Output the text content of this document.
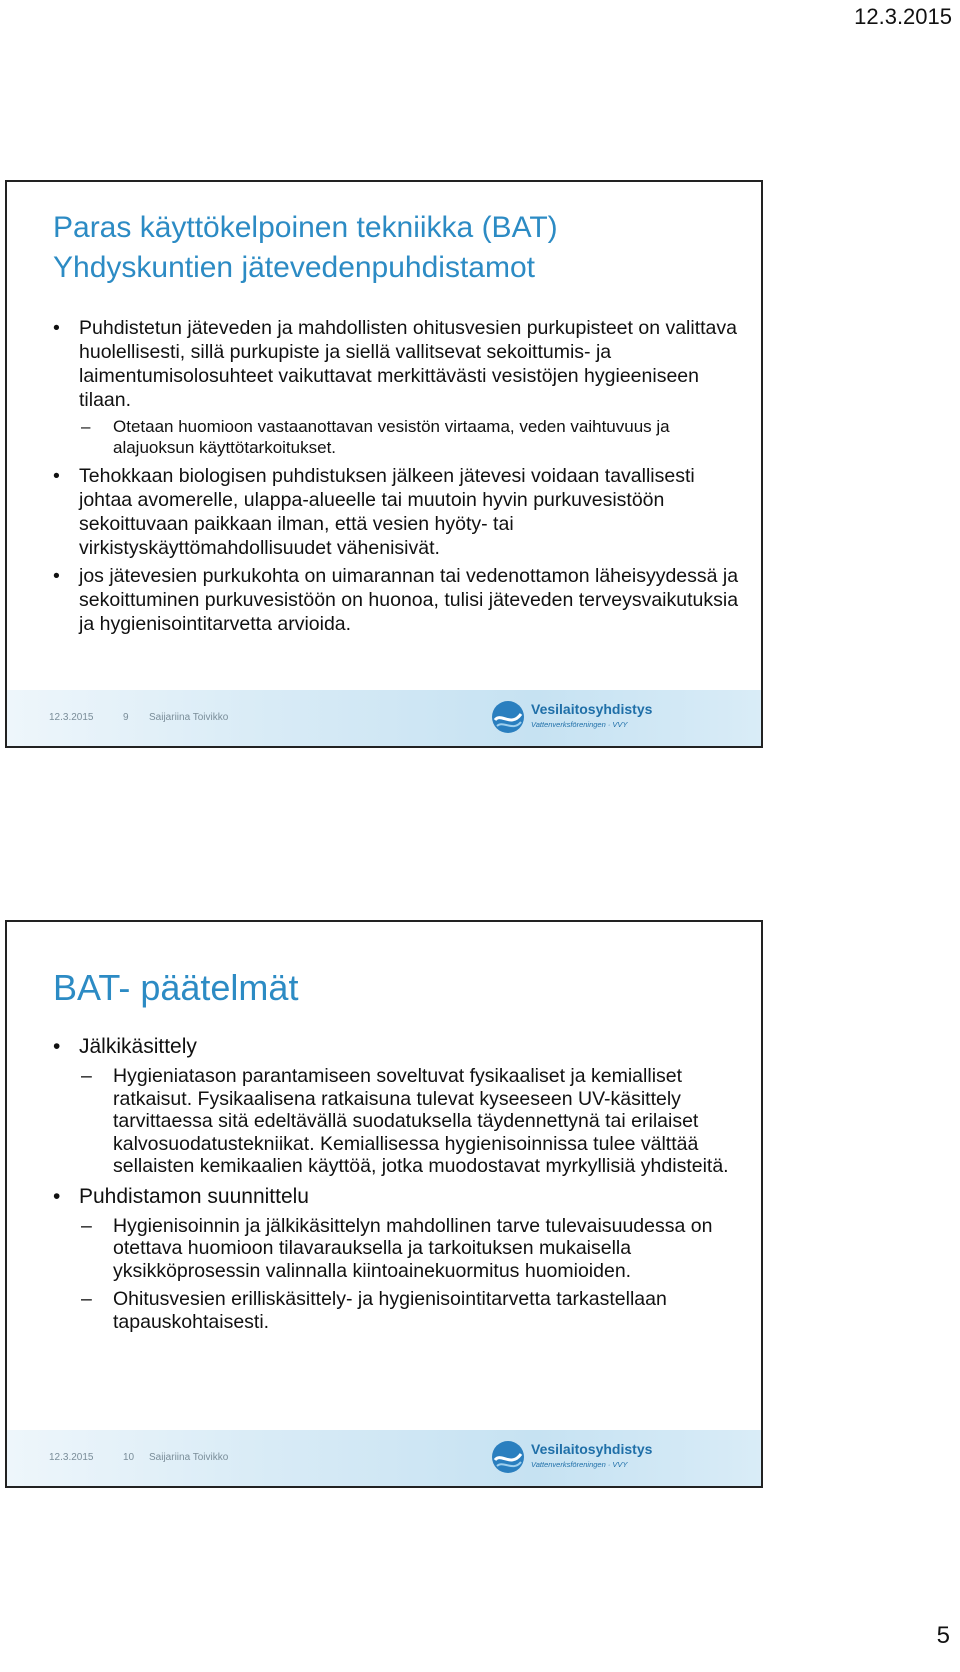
12.3.2015
Paras käyttökelpoinen tekniikka (BAT)
Yhdyskuntien jätevedenpuhdistamot
• Puhdistetun jäteveden ja mahdollisten ohitusvesien purkupisteet on valittava huolellisesti, sillä purkupiste ja siellä vallitsevat sekoittumis- ja laimentumisolosuhteet vaikuttavat merkittävästi vesistöjen hygieeniseen tilaan.
– Otetaan huomioon vastaanottavan vesistön virtaama, veden vaihtuvuus ja alajuoksun käyttötarkoitukset.
• Tehokkaan biologisen puhdistuksen jälkeen jätevesi voidaan tavallisesti johtaa avomerelle, ulappa-alueelle tai muutoin hyvin purkuvesistöön sekoittuvaan paikkaan ilman, että vesien hyöty- tai virkistyskäyttömahdollisuudet vähenisivät.
• jos jätevesien purkukohta on uimarannan tai vedenottamon läheisyydessä ja sekoittuminen purkuvesistöön on huonoa, tulisi jäteveden terveysvaikutuksia ja hygienisointitarvetta arvioida.
12.3.2015	9 Saijariina Toivikko
Vesilaitosyhdistys
Vattenverksföreningen · VVY
BAT- päätelmät
• Jälkikäsittely
– Hygieniatason parantamiseen soveltuvat fysikaaliset ja kemialliset ratkaisut. Fysikaalisena ratkaisuna tulevat kyseeseen UV-käsittely tarvittaessa sitä edeltävällä suodatuksella täydennettynä tai erilaiset kalvosuodatustekniikat. Kemiallisessa hygienisoinnissa tulee välttää sellaisten kemikaalien käyttöä, jotka muodostavat myrkyllisiä yhdisteitä.
• Puhdistamon suunnittelu
– Hygienisoinnin ja jälkikäsittelyn mahdollinen tarve tulevaisuudessa on otettava huomioon tilavarauksella ja tarkoituksen mukaisella yksikköprosessin valinnalla kiintoainekuormitus huomioiden.
– Ohitusvesien erilliskäsittely- ja hygienisointitarvetta tarkastellaan tapauskohtaisesti.
12.3.2015	10 Saijariina Toivikko
Vesilaitosyhdistys
Vattenverksföreningen · VVY
5
